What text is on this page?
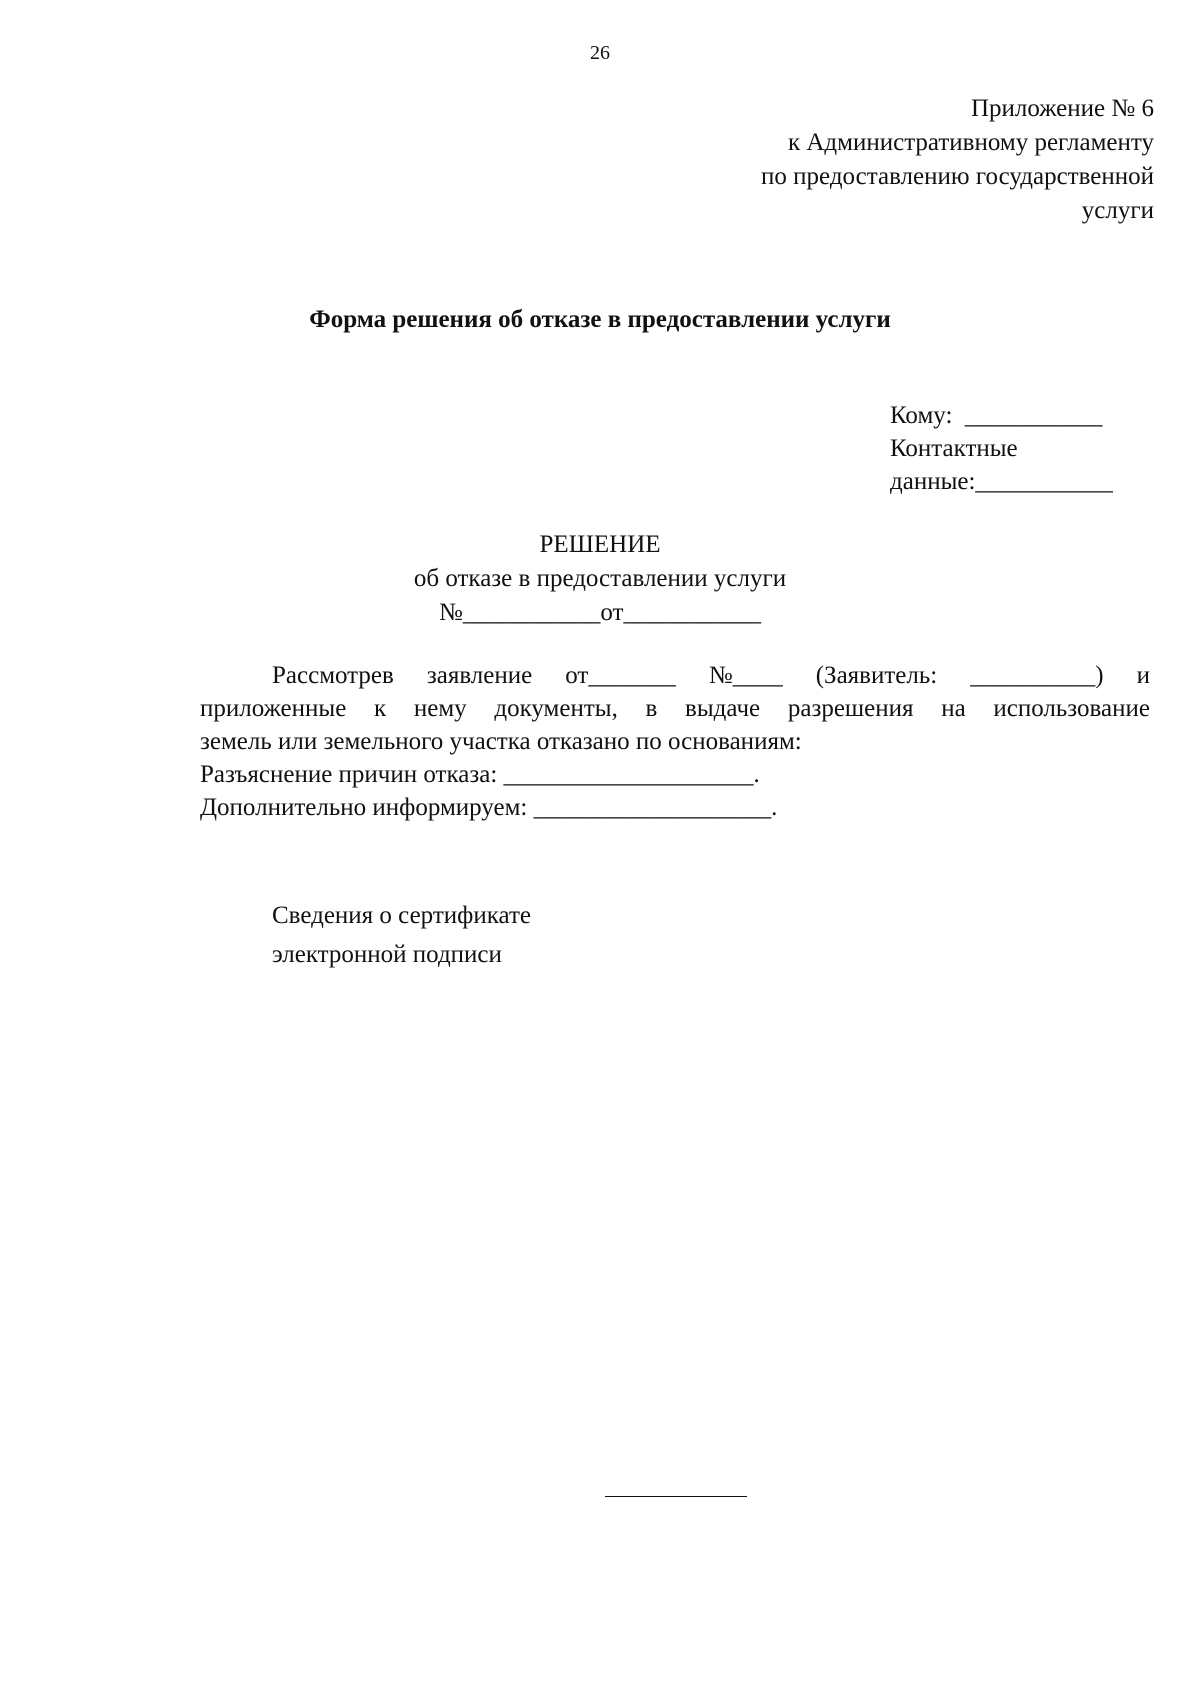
26
Приложение № 6
к Административному регламенту
по предоставлению государственной
услуги
Форма решения об отказе в предоставлении услуги
Кому: ___________
Контактные
данные:___________
РЕШЕНИЕ
об отказе в предоставлении услуги
№___________от___________
Рассмотрев заявление от_______ №____ (Заявитель: __________) и
приложенные к нему документы, в выдаче разрешения на использование
земель или земельного участка отказано по основаниям:
Разъяснение причин отказа: ____________________.
Дополнительно информируем: ___________________.
Сведения о сертификате
электронной подписи
